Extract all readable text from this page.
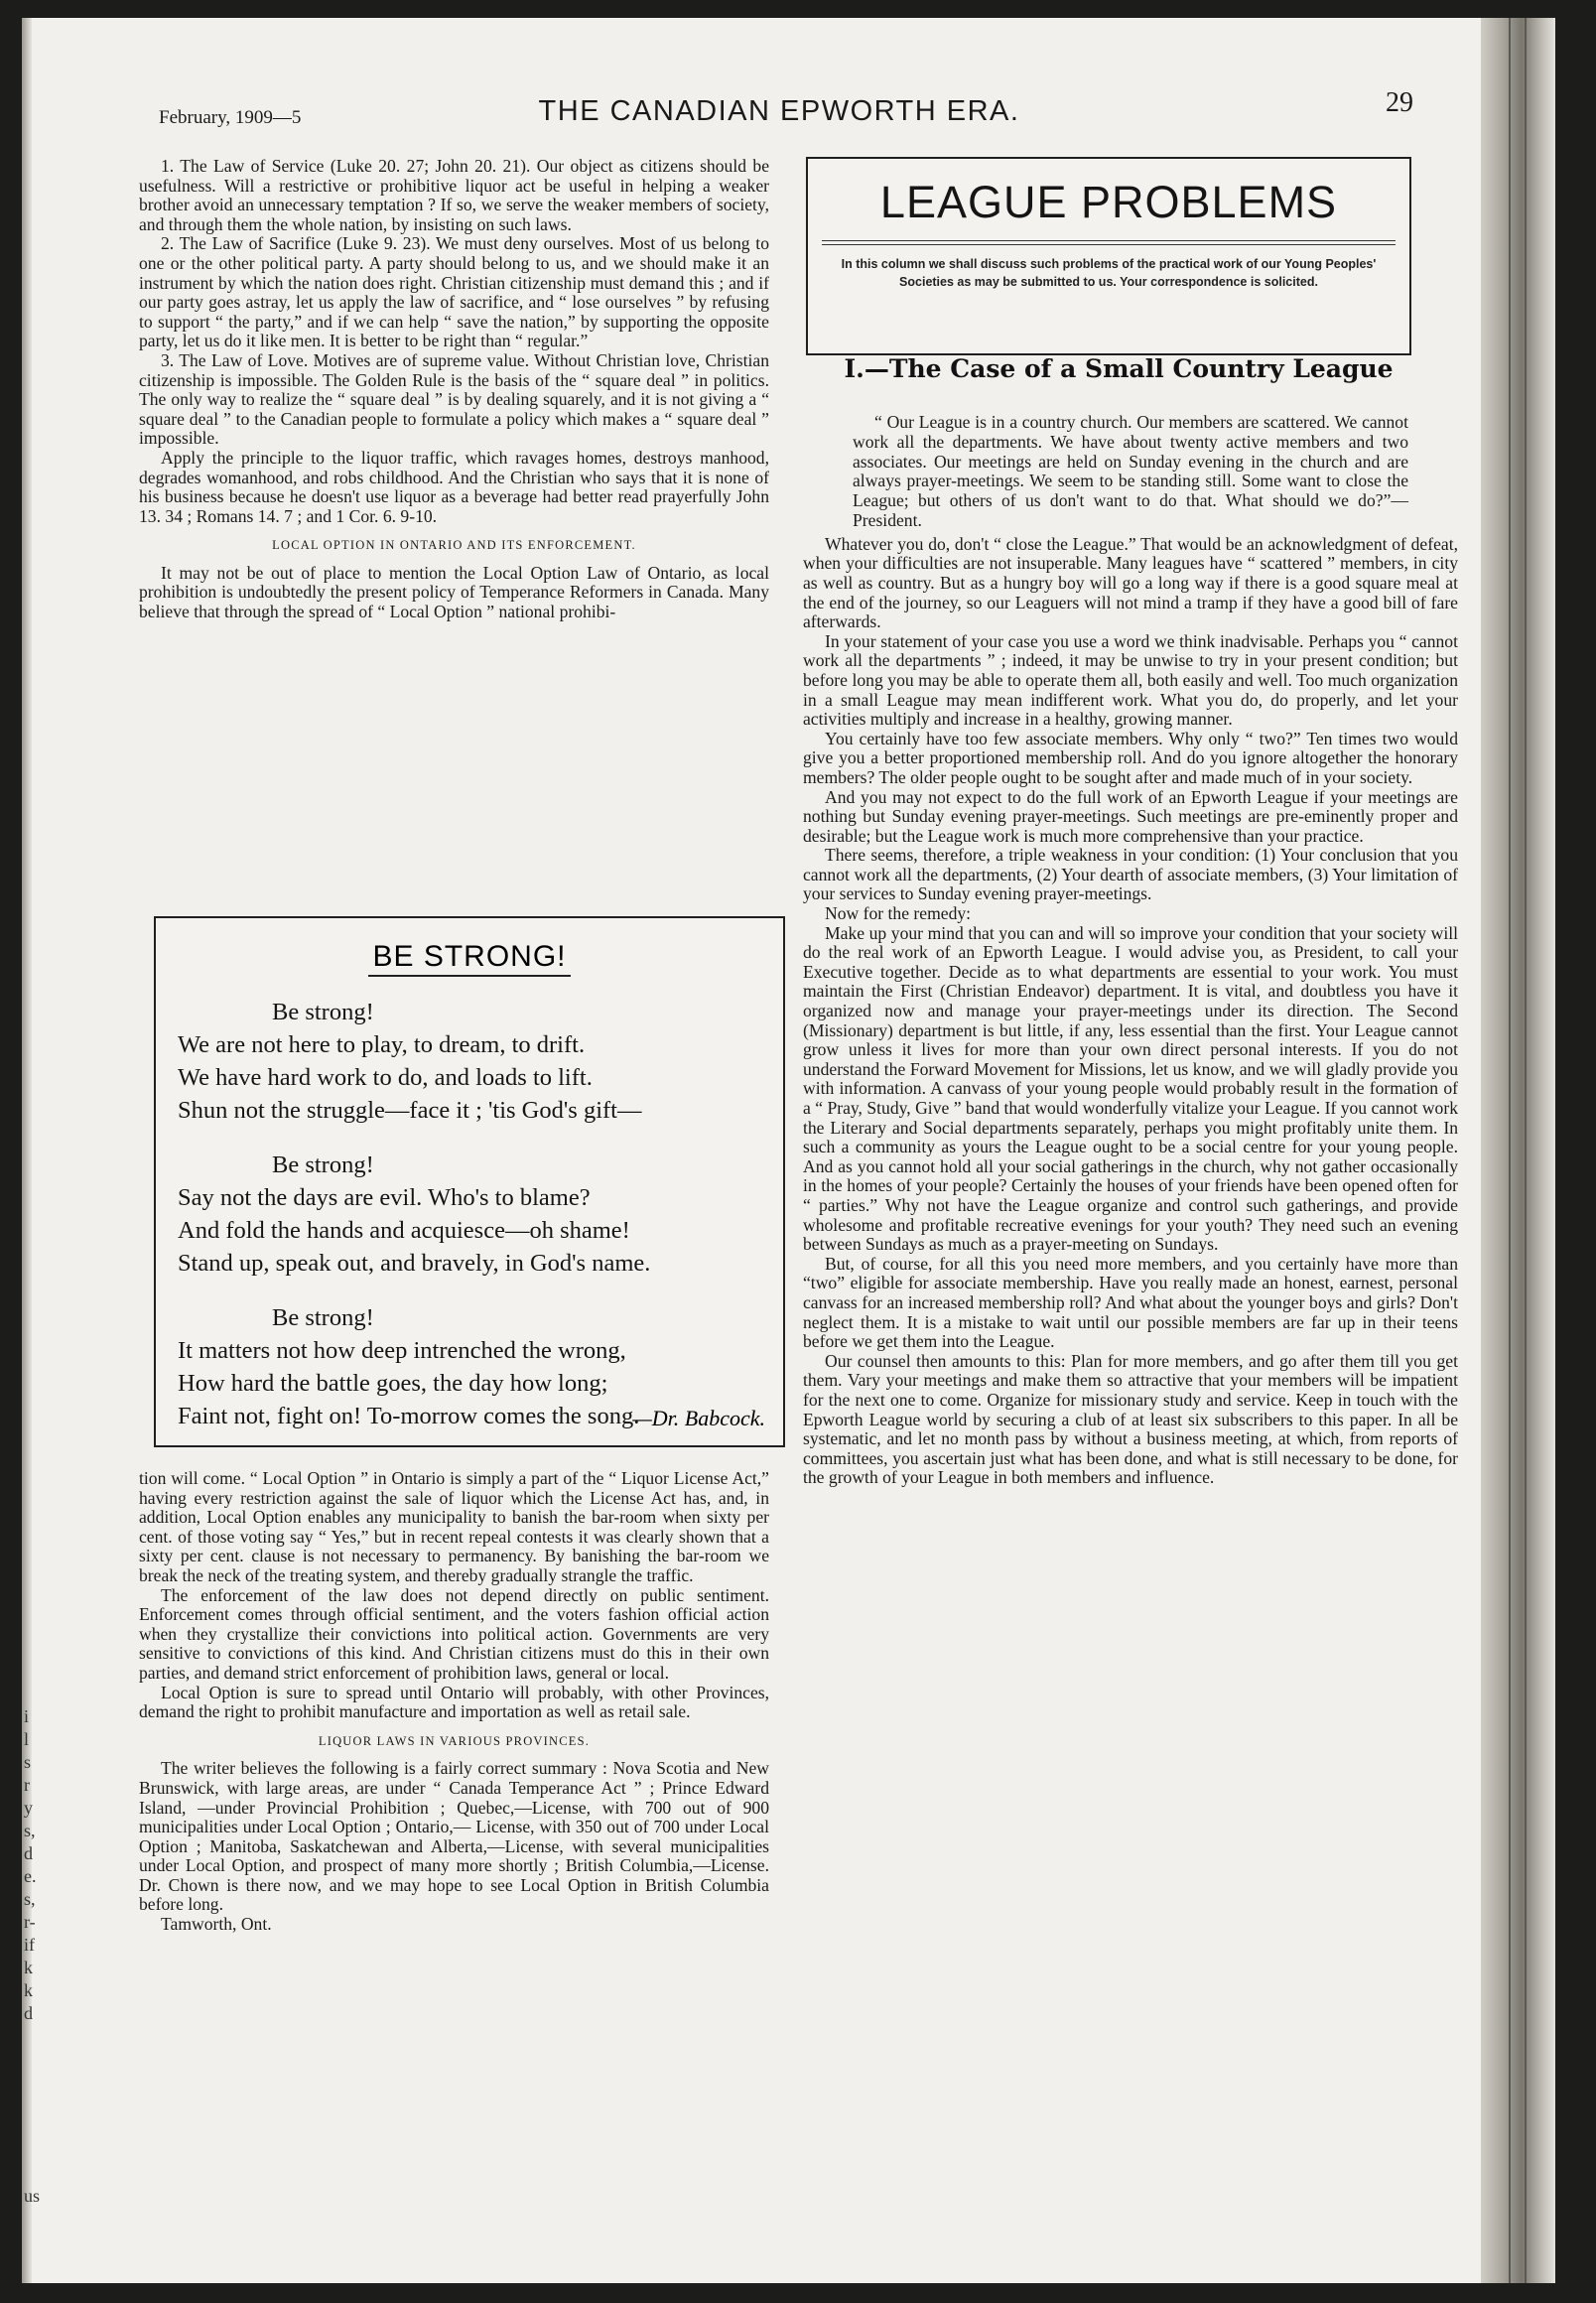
i
l
s
r
y
s,
d
e.
s,
r-
if
k
k
d

us
February, 1909—5	THE CANADIAN EPWORTH ERA.	29

1. The Law of Service (Luke 20. 27; John 20. 21). Our object as citizens should be usefulness. Will a restrictive or prohibitive liquor act be useful in helping a weaker brother avoid an unnecessary temptation ? If so, we serve the weaker members of society, and through them the whole nation, by insisting on such laws.

2. The Law of Sacrifice (Luke 9. 23). We must deny ourselves. Most of us belong to one or the other political party. A party should belong to us, and we should make it an instrument by which the nation does right. Christian citizenship must demand this ; and if our party goes astray, let us apply the law of sacrifice, and “ lose ourselves ” by refusing to support “ the party,” and if we can help “ save the nation,” by supporting the opposite party, let us do it like men. It is better to be right than “ regular.”

3. The Law of Love. Motives are of supreme value. Without Christian love, Christian citizenship is impossible. The Golden Rule is the basis of the “ square deal ” in politics. The only way to realize the “ square deal ” is by dealing squarely, and it is not giving a “ square deal ” to the Canadian people to formulate a policy which makes a “ square deal ” impossible.

Apply the principle to the liquor traffic, which ravages homes, destroys manhood, degrades womanhood, and robs childhood. And the Christian who says that it is none of his business because he doesn't use liquor as a beverage had better read prayerfully John 13. 34 ; Romans 14. 7 ; and 1 Cor. 6. 9-10.

LOCAL OPTION IN ONTARIO AND ITS ENFORCEMENT.

It may not be out of place to mention the Local Option Law of Ontario, as local prohibition is undoubtedly the present policy of Temperance Reformers in Canada. Many believe that through the spread of “ Local Option ” national prohibi-

BE STRONG!
Be strong!
We are not here to play, to dream, to drift.
We have hard work to do, and loads to lift.
Shun not the struggle—face it ; 'tis God's gift—
Be strong!
Say not the days are evil. Who's to blame?
And fold the hands and acquiesce—oh shame!
Stand up, speak out, and bravely, in God's name.
Be strong!
It matters not how deep intrenched the wrong,
How hard the battle goes, the day how long;
Faint not, fight on! To-morrow comes the song.
—Dr. Babcock.

tion will come. “ Local Option ” in Ontario is simply a part of the “ Liquor License Act,” having every restriction against the sale of liquor which the License Act has, and, in addition, Local Option enables any municipality to banish the bar-room when sixty per cent. of those voting say “ Yes,” but in recent repeal contests it was clearly shown that a sixty per cent. clause is not necessary to permanency. By banishing the bar-room we break the neck of the treating system, and thereby gradually strangle the traffic.

The enforcement of the law does not depend directly on public sentiment. Enforcement comes through official sentiment, and the voters fashion official action when they crystallize their convictions into political action. Governments are very sensitive to convictions of this kind. And Christian citizens must do this in their own parties, and demand strict enforcement of prohibition laws, general or local.

Local Option is sure to spread until Ontario will probably, with other Provinces, demand the right to prohibit manufacture and importation as well as retail sale.

LIQUOR LAWS IN VARIOUS PROVINCES.

The writer believes the following is a fairly correct summary : Nova Scotia and New Brunswick, with large areas, are under “ Canada Temperance Act ” ; Prince Edward Island, —under Provincial Prohibition ; Quebec,—License, with 700 out of 900 municipalities under Local Option ; Ontario,— License, with 350 out of 700 under Local Option ; Manitoba, Saskatchewan and Alberta,—License, with several municipalities under Local Option, and prospect of many more shortly ; British Columbia,—License. Dr. Chown is there now, and we may hope to see Local Option in British Columbia before long.

Tamworth, Ont.

LEAGUE PROBLEMS
In this column we shall discuss such problems of the practical work of our Young Peoples' Societies as may be submitted to us. Your correspondence is solicited.
I.—The Case of a Small Country League

“ Our League is in a country church. Our members are scattered. We cannot work all the departments. We have about twenty active members and two associates. Our meetings are held on Sunday evening in the church and are always prayer-meetings. We seem to be standing still. Some want to close the League; but others of us don't want to do that. What should we do?”—President.

Whatever you do, don't “ close the League.” That would be an acknowledgment of defeat, when your difficulties are not insuperable. Many leagues have “ scattered ” members, in city as well as country. But as a hungry boy will go a long way if there is a good square meal at the end of the journey, so our Leaguers will not mind a tramp if they have a good bill of fare afterwards.

In your statement of your case you use a word we think inadvisable. Perhaps you “ cannot work all the departments ” ; indeed, it may be unwise to try in your present condition; but before long you may be able to operate them all, both easily and well. Too much organization in a small League may mean indifferent work. What you do, do properly, and let your activities multiply and increase in a healthy, growing manner.

You certainly have too few associate members. Why only “ two?” Ten times two would give you a better proportioned membership roll. And do you ignore altogether the honorary members? The older people ought to be sought after and made much of in your society.

And you may not expect to do the full work of an Epworth League if your meetings are nothing but Sunday evening prayer-meetings. Such meetings are pre-eminently proper and desirable; but the League work is much more comprehensive than your practice.

There seems, therefore, a triple weakness in your condition: (1) Your conclusion that you cannot work all the departments, (2) Your dearth of associate members, (3) Your limitation of your services to Sunday evening prayer-meetings.

Now for the remedy:

Make up your mind that you can and will so improve your condition that your society will do the real work of an Epworth League. I would advise you, as President, to call your Executive together. Decide as to what departments are essential to your work. You must maintain the First (Christian Endeavor) department. It is vital, and doubtless you have it organized now and manage your prayer-meetings under its direction. The Second (Missionary) department is but little, if any, less essential than the first. Your League cannot grow unless it lives for more than your own direct personal interests. If you do not understand the Forward Movement for Missions, let us know, and we will gladly provide you with information. A canvass of your young people would probably result in the formation of a “ Pray, Study, Give ” band that would wonderfully vitalize your League. If you cannot work the Literary and Social departments separately, perhaps you might profitably unite them. In such a community as yours the League ought to be a social centre for your young people. And as you cannot hold all your social gatherings in the church, why not gather occasionally in the homes of your people? Certainly the houses of your friends have been opened often for “ parties.” Why not have the League organize and control such gatherings, and provide wholesome and profitable recreative evenings for your youth? They need such an evening between Sundays as much as a prayer-meeting on Sundays.

But, of course, for all this you need more members, and you certainly have more than “two” eligible for associate membership. Have you really made an honest, earnest, personal canvass for an increased membership roll? And what about the younger boys and girls? Don't neglect them. It is a mistake to wait until our possible members are far up in their teens before we get them into the League.

Our counsel then amounts to this: Plan for more members, and go after them till you get them. Vary your meetings and make them so attractive that your members will be impatient for the next one to come. Organize for missionary study and service. Keep in touch with the Epworth League world by securing a club of at least six subscribers to this paper. In all be systematic, and let no month pass by without a business meeting, at which, from reports of committees, you ascertain just what has been done, and what is still necessary to be done, for the growth of your League in both members and influence.
